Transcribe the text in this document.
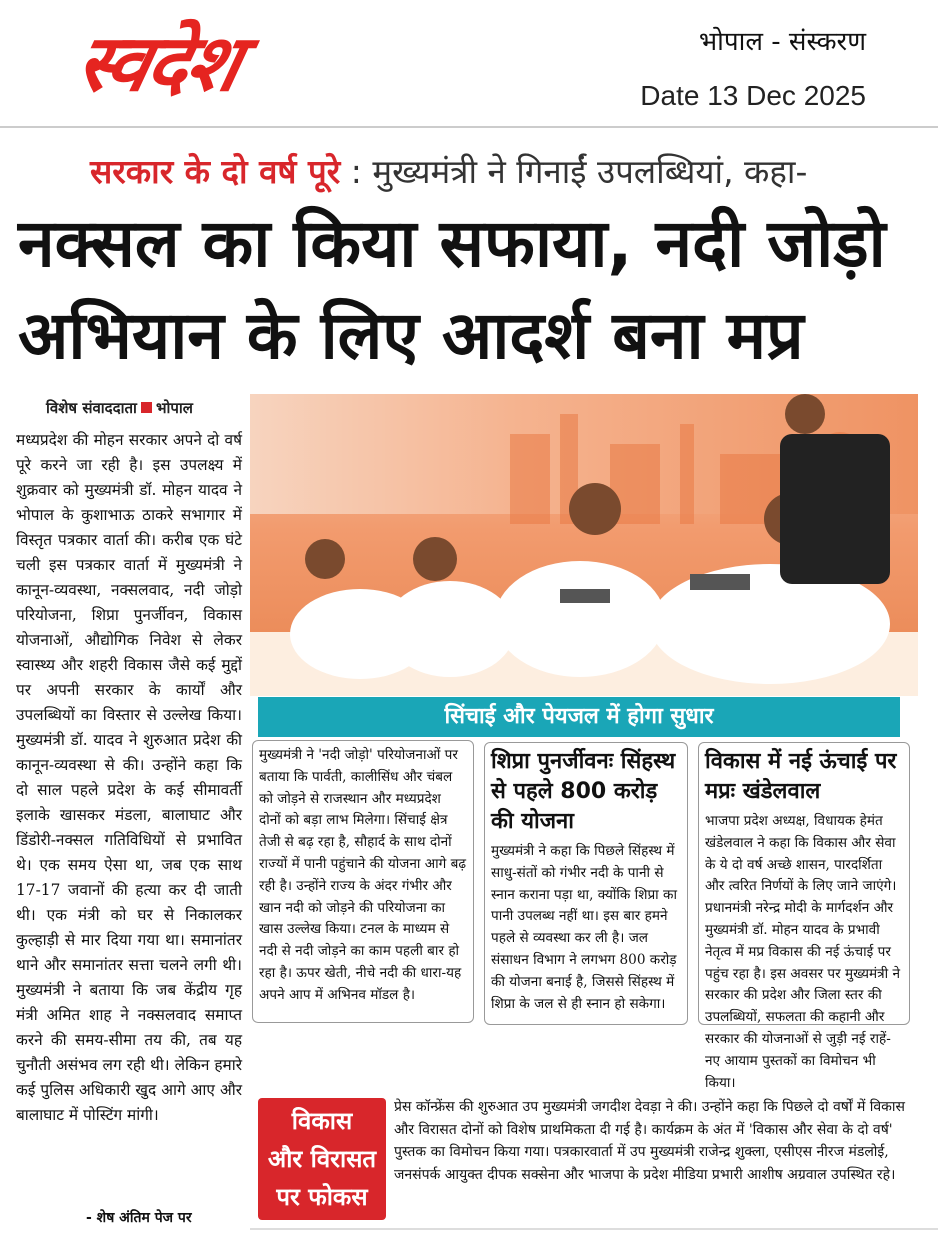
स्वदेश	भोपाल - संस्करण
Date 13 Dec 2025
सरकार के दो वर्ष पूरे : मुख्यमंत्री ने गिनाईं उपलब्धियां, कहा-
नक्सल का किया सफाया, नदी जोड़ो अभियान के लिए आदर्श बना मप्र
विशेष संवाददाता भोपाल
मध्यप्रदेश की मोहन सरकार अपने दो वर्ष पूरे करने जा रही है। इस उपलक्ष्य में शुक्रवार को मुख्यमंत्री डॉ. मोहन यादव ने भोपाल के कुशाभाऊ ठाकरे सभागार में विस्तृत पत्रकार वार्ता की। करीब एक घंटे चली इस पत्रकार वार्ता में मुख्यमंत्री ने कानून-व्यवस्था, नक्सलवाद, नदी जोड़ो परियोजना, शिप्रा पुनर्जीवन, विकास योजनाओं, औद्योगिक निवेश से लेकर स्वास्थ्य और शहरी विकास जैसे कई मुद्दों पर अपनी सरकार के कार्यों और उपलब्धियों का विस्तार से उल्लेख किया। मुख्यमंत्री डॉ. यादव ने शुरुआत प्रदेश की कानून-व्यवस्था से की। उन्होंने कहा कि दो साल पहले प्रदेश के कई सीमावर्ती इलाके खासकर मंडला, बालाघाट और डिंडोरी-नक्सल गतिविधियों से प्रभावित थे। एक समय ऐसा था, जब एक साथ 17-17 जवानों की हत्या कर दी जाती थी। एक मंत्री को घर से निकालकर कुल्हाड़ी से मार दिया गया था। समानांतर थाने और समानांतर सत्ता चलने लगी थी। मुख्यमंत्री ने बताया कि जब केंद्रीय गृह मंत्री अमित शाह ने नक्सलवाद समाप्त करने की समय-सीमा तय की, तब यह चुनौती असंभव लग रही थी। लेकिन हमारे कई पुलिस अधिकारी खुद आगे आए और बालाघाट में पोस्टिंग मांगी।
- शेष अंतिम पेज पर
सिंचाई और पेयजल में होगा सुधार
मुख्यमंत्री ने 'नदी जोड़ो' परियोजनाओं पर बताया कि पार्वती, कालीसिंध और चंबल को जोड़ने से राजस्थान और मध्यप्रदेश दोनों को बड़ा लाभ मिलेगा। सिंचाई क्षेत्र तेजी से बढ़ रहा है, सौहार्द के साथ दोनों राज्यों में पानी पहुंचाने की योजना आगे बढ़ रही है। उन्होंने राज्य के अंदर गंभीर और खान नदी को जोड़ने की परियोजना का खास उल्लेख किया। टनल के माध्यम से नदी से नदी जोड़ने का काम पहली बार हो रहा है। ऊपर खेती, नीचे नदी की धारा-यह अपने आप में अभिनव मॉडल है।
शिप्रा पुनर्जीवनः सिंहस्थ से पहले 800 करोड़ की योजना
मुख्यमंत्री ने कहा कि पिछले सिंहस्थ में साधु-संतों को गंभीर नदी के पानी से स्नान कराना पड़ा था, क्योंकि शिप्रा का पानी उपलब्ध नहीं था। इस बार हमने पहले से व्यवस्था कर ली है। जल संसाधन विभाग ने लगभग 800 करोड़ की योजना बनाई है, जिससे सिंहस्थ में शिप्रा के जल से ही स्नान हो सकेगा।
विकास में नई ऊंचाई पर मप्रः खंडेलवाल
भाजपा प्रदेश अध्यक्ष, विधायक हेमंत खंडेलवाल ने कहा कि विकास और सेवा के ये दो वर्ष अच्छे शासन, पारदर्शिता और त्वरित निर्णयों के लिए जाने जाएंगे। प्रधानमंत्री नरेन्द्र मोदी के मार्गदर्शन और मुख्यमंत्री डॉ. मोहन यादव के प्रभावी नेतृत्व में मप्र विकास की नई ऊंचाई पर पहुंच रहा है। इस अवसर पर मुख्यमंत्री ने सरकार की प्रदेश और जिला स्तर की उपलब्धियों, सफलता की कहानी और सरकार की योजनाओं से जुड़ी नई राहें-नए आयाम पुस्तकों का विमोचन भी किया।
विकास
और विरासत
पर फोकस
प्रेस कॉन्फ्रेंस की शुरुआत उप मुख्यमंत्री जगदीश देवड़ा ने की। उन्होंने कहा कि पिछले दो वर्षों में विकास और विरासत दोनों को विशेष प्राथमिकता दी गई है। कार्यक्रम के अंत में 'विकास और सेवा के दो वर्ष' पुस्तक का विमोचन किया गया। पत्रकारवार्ता में उप मुख्यमंत्री राजेन्द्र शुक्ला, एसीएस नीरज मंडलोई, जनसंपर्क आयुक्त दीपक सक्सेना और भाजपा के प्रदेश मीडिया प्रभारी आशीष अग्रवाल उपस्थित रहे।
